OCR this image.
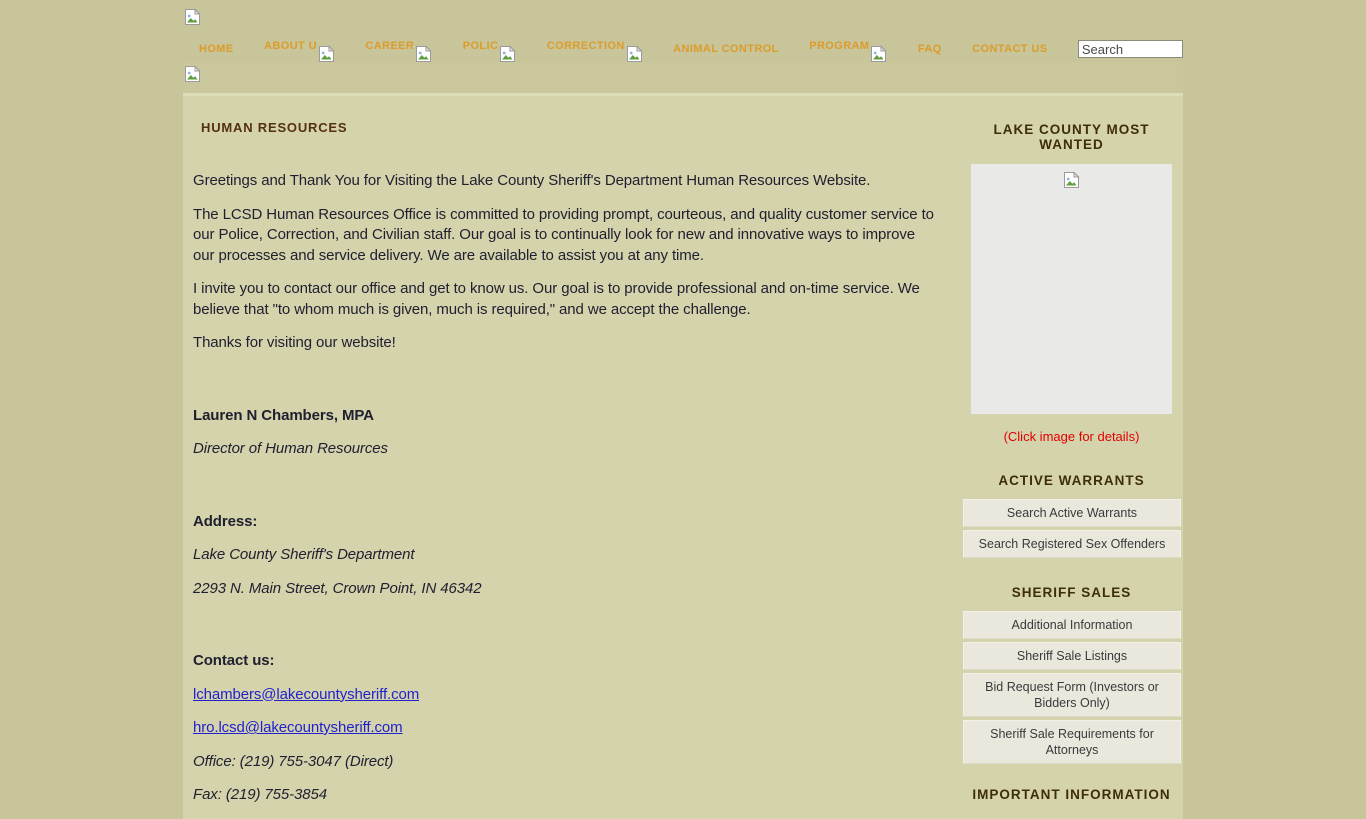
HOME	ABOUT U	CAREER	POLIC	CORRECTION	ANIMAL CONTROL	PROGRAM	FAQ	CONTACT US
Search
HUMAN RESOURCES

Greetings and Thank You for Visiting the Lake County Sheriff's Department Human Resources Website.

The LCSD Human Resources Office is committed to providing prompt, courteous, and quality customer service to our Police, Correction, and Civilian staff. Our goal is to continually look for new and innovative ways to improve our processes and service delivery. We are available to assist you at any time.

I invite you to contact our office and get to know us. Our goal is to provide professional and on-time service. We believe that "to whom much is given, much is required," and we accept the challenge.

Thanks for visiting our website!

Lauren N Chambers, MPA

Director of Human Resources

Address:

Lake County Sheriff's Department

2293 N. Main Street, Crown Point, IN 46342

Contact us:

lchambers@lakecountysheriff.com

hro.lcsd@lakecountysheriff.com

Office: (219) 755-3047 (Direct)

Fax: (219) 755-3854

LAKE COUNTY MOST WANTED
(Click image for details)
ACTIVE WARRANTS
Search Active Warrants
Search Registered Sex Offenders
SHERIFF SALES
Additional Information
Sheriff Sale Listings
Bid Request Form (Investors or Bidders Only)
Sheriff Sale Requirements for Attorneys
IMPORTANT INFORMATION
